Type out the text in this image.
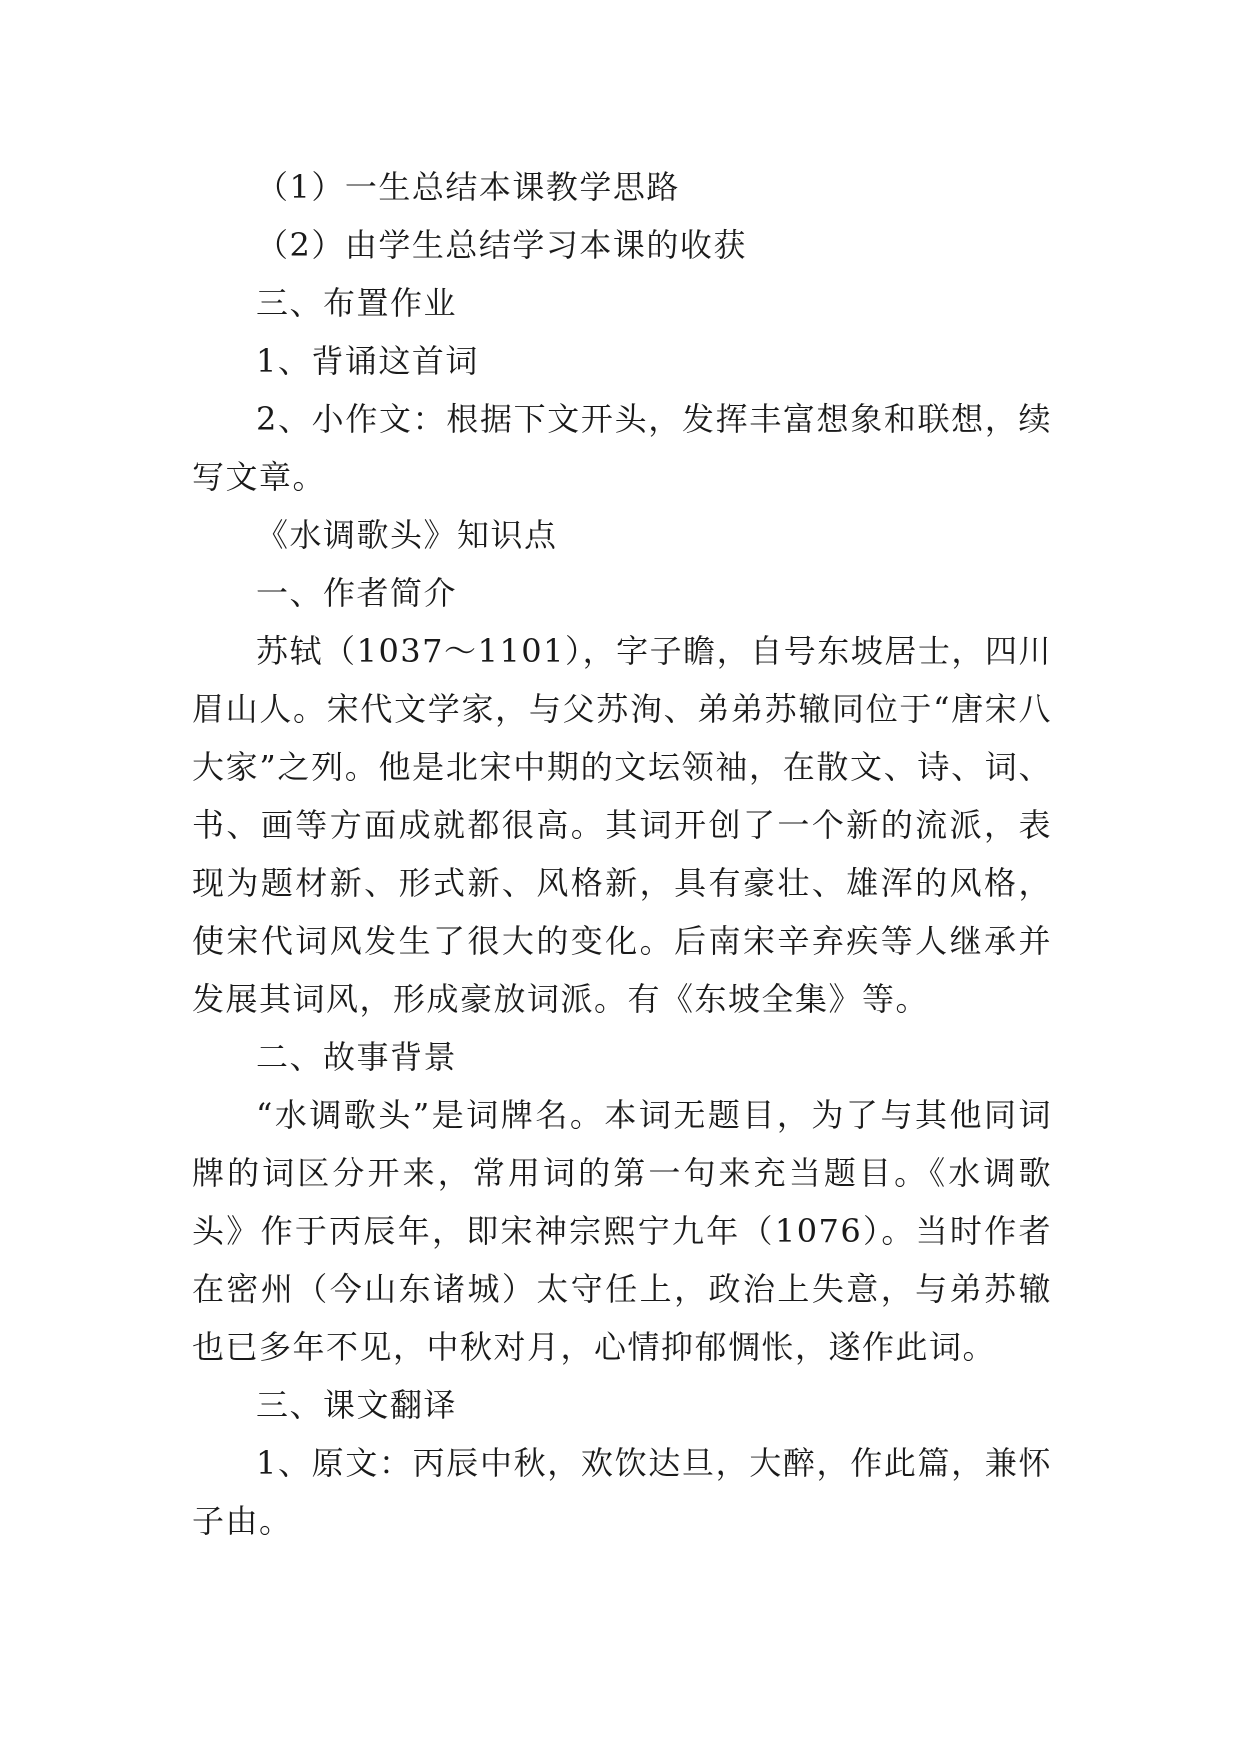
（1）一生总结本课教学思路

（2）由学生总结学习本课的收获

三、布置作业

1、背诵这首词

2、小作文：根据下文开头，发挥丰富想象和联想，续写文章。

《水调歌头》知识点

一、作者简介

苏轼（1037～1101），字子瞻，自号东坡居士，四川眉山人。宋代文学家，与父苏洵、弟弟苏辙同位于“唐宋八大家”之列。他是北宋中期的文坛领袖，在散文、诗、词、书、画等方面成就都很高。其词开创了一个新的流派，表现为题材新、形式新、风格新，具有豪壮、雄浑的风格，使宋代词风发生了很大的变化。后南宋辛弃疾等人继承并发展其词风，形成豪放词派。有《东坡全集》等。

二、故事背景

“水调歌头”是词牌名。本词无题目，为了与其他同词牌的词区分开来，常用词的第一句来充当题目。《水调歌头》作于丙辰年，即宋神宗熙宁九年（1076）。当时作者在密州（今山东诸城）太守任上，政治上失意，与弟苏辙也已多年不见，中秋对月，心情抑郁惆怅，遂作此词。

三、课文翻译

1、原文：丙辰中秋，欢饮达旦，大醉，作此篇，兼怀子由。
